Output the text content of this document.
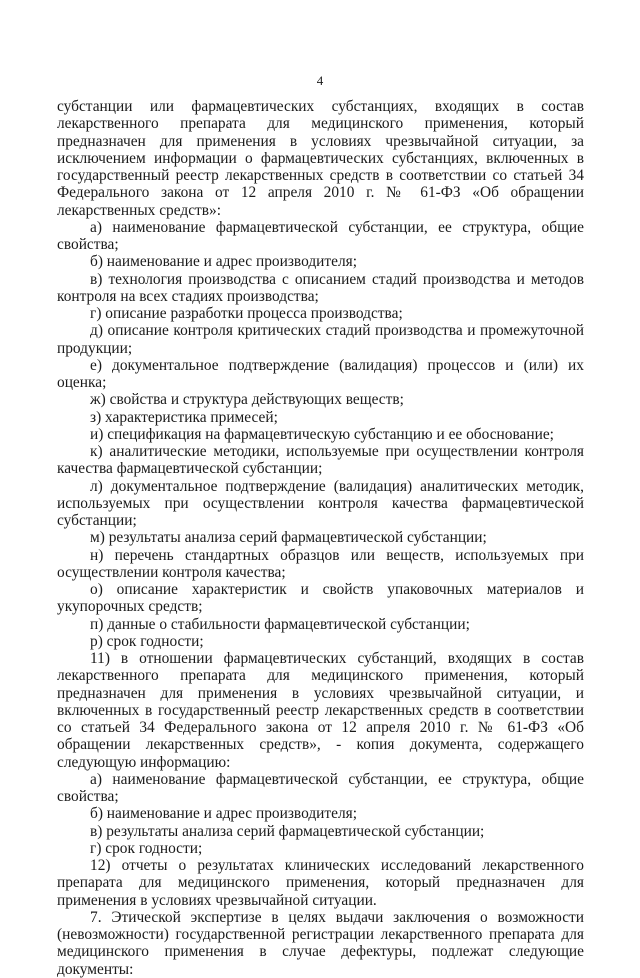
4

субстанции или фармацевтических субстанциях, входящих в состав лекарственного препарата для медицинского применения, который предназначен для применения в условиях чрезвычайной ситуации, за исключением информации о фармацевтических субстанциях, включенных в государственный реестр лекарственных средств в соответствии со статьей 34 Федерального закона от 12 апреля 2010 г. № 61-ФЗ «Об обращении лекарственных средств»:

а) наименование фармацевтической субстанции, ее структура, общие свойства;

б) наименование и адрес производителя;

в) технология производства с описанием стадий производства и методов контроля на всех стадиях производства;

г) описание разработки процесса производства;

д) описание контроля критических стадий производства и промежуточной продукции;

е) документальное подтверждение (валидация) процессов и (или) их оценка;

ж) свойства и структура действующих веществ;

з) характеристика примесей;

и) спецификация на фармацевтическую субстанцию и ее обоснование;

к) аналитические методики, используемые при осуществлении контроля качества фармацевтической субстанции;

л) документальное подтверждение (валидация) аналитических методик, используемых при осуществлении контроля качества фармацевтической субстанции;

м) результаты анализа серий фармацевтической субстанции;

н) перечень стандартных образцов или веществ, используемых при осуществлении контроля качества;

о) описание характеристик и свойств упаковочных материалов и укупорочных средств;

п) данные о стабильности фармацевтической субстанции;

р) срок годности;

11) в отношении фармацевтических субстанций, входящих в состав лекарственного препарата для медицинского применения, который предназначен для применения в условиях чрезвычайной ситуации, и включенных в государственный реестр лекарственных средств в соответствии со статьей 34 Федерального закона от 12 апреля 2010 г. № 61-ФЗ «Об обращении лекарственных средств», - копия документа, содержащего следующую информацию:

а) наименование фармацевтической субстанции, ее структура, общие свойства;

б) наименование и адрес производителя;

в) результаты анализа серий фармацевтической субстанции;

г) срок годности;

12) отчеты о результатах клинических исследований лекарственного препарата для медицинского применения, который предназначен для применения в условиях чрезвычайной ситуации.

7. Этической экспертизе в целях выдачи заключения о возможности (невозможности) государственной регистрации лекарственного препарата для медицинского применения в случае дефектуры, подлежат следующие документы:
